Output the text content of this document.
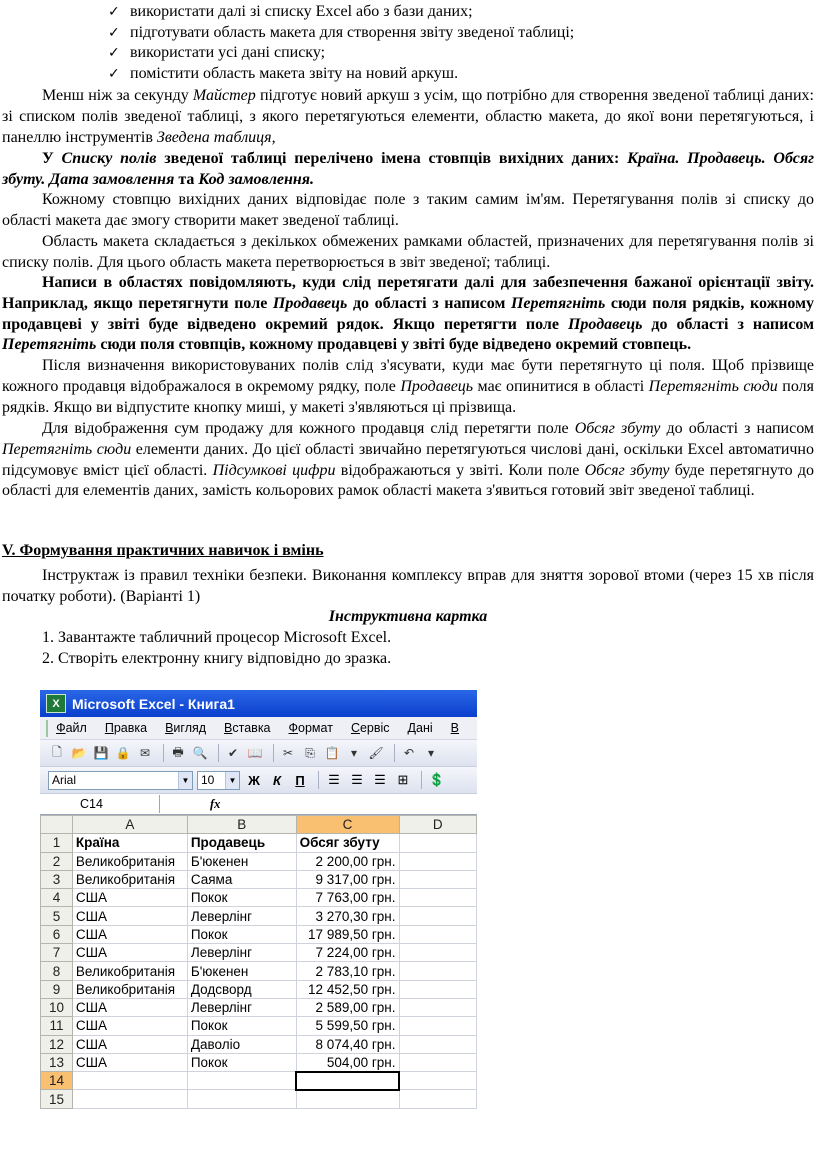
✓ використати далі зі списку Excel або з бази даних;
✓ підготувати область макета для створення звіту зведеної таблиці;
✓ використати усі дані списку;
✓ помістити область макета звіту на новий аркуш.

Менш ніж за секунду Майстер підготує новий аркуш з усім, що потрібно для створення зведеної таблиці даних: зі списком полів зведеної таблиці, з якого перетягуються елементи, областю макета, до якої вони перетягуються, і панеллю інструментів Зведена таблиця,

У Списку полів зведеної таблиці перелічено імена стовпців вихідних даних: Країна. Продавець. Обсяг збуту. Дата замовлення та Код замовлення.

Кожному стовпцю вихідних даних відповідає поле з таким самим ім'ям. Перетягування полів зі списку до області макета дає змогу створити макет зведеної таблиці.

Область макета складається з декількох обмежених рамками областей, призначених для перетягування полів зі списку полів. Для цього область макета перетворюється в звіт зведеної; таблиці.

Написи в областях повідомляють, куди слід перетягати далі для забезпечення бажаної орієнтації звіту. Наприклад, якщо перетягнути поле Продавець до області з написом Перетягніть сюди поля рядків, кожному продавцеві у звіті буде відведено окремий рядок. Якщо перетягти поле Продавець до області з написом Перетягніть сюди поля стовпців, кожному продавцеві у звіті буде відведено окремий стовпець.

Після визначення використовуваних полів слід з'ясувати, куди має бути перетягнуто ці поля. Щоб прізвище кожного продавця відображалося в окремому рядку, поле Продавець має опинитися в області Перетягніть сюди поля рядків. Якщо ви відпустите кнопку миші, у макеті з'являються ці прізвища.

Для відображення сум продажу для кожного продавця слід перетягти поле Обсяг збуту до області з написом Перетягніть сюди елементи даних. До цієї області звичайно перетягуються числові дані, оскільки Excel автоматично підсумовує вміст цієї області. Підсумкові цифри відображаються у звіті. Коли поле Обсяг збуту буде перетягнуто до області для елементів даних, замість кольорових рамок області макета з'явиться готовий звіт зведеної таблиці.

V. Формування практичних навичок і вмінь

Інструктаж із правил техніки безпеки. Виконання комплексу вправ для зняття зорової втоми (через 15 хв після початку роботи). (Варіанті 1)

Інструктивна картка
1. Завантажте табличний процесор Microsoft Excel.
2. Створіть електронну книгу відповідно до зразка.
X Microsoft Excel - Книга1
Файл Правка Вигляд Вставка Формат Сервіс Дані В
🗋 📂 💾 🔒 ✉	🖶 🔍	✔ 📖	✂	⎘ 📋 ▾ 🖌	↶	▾
Arial	▼ 10	▼ Ж	К	П	☰ ☰ ☰ ⊞	💲
C14	fx
	A	B	C	D
1	Країна	Продавець	Обсяг збуту	
2	Великобританія	Б'юкенен	2 200,00 грн.	
3	Великобританія	Саяма	9 317,00 грн.	
4	США	Покок	7 763,00 грн.	
5	США	Леверлінг	3 270,30 грн.	
6	США	Покок	17 989,50 грн.	
7	США	Леверлінг	7 224,00 грн.	
8	Великобританія	Б'юкенен	2 783,10 грн.	
9	Великобританія	Додсворд	12 452,50 грн.	
10	США	Леверлінг	2 589,00 грн.	
11	США	Покок	5 599,50 грн.	
12	США	Даволіо	8 074,40 грн.	
13	США	Покок	504,00 грн.	
14				
15				
